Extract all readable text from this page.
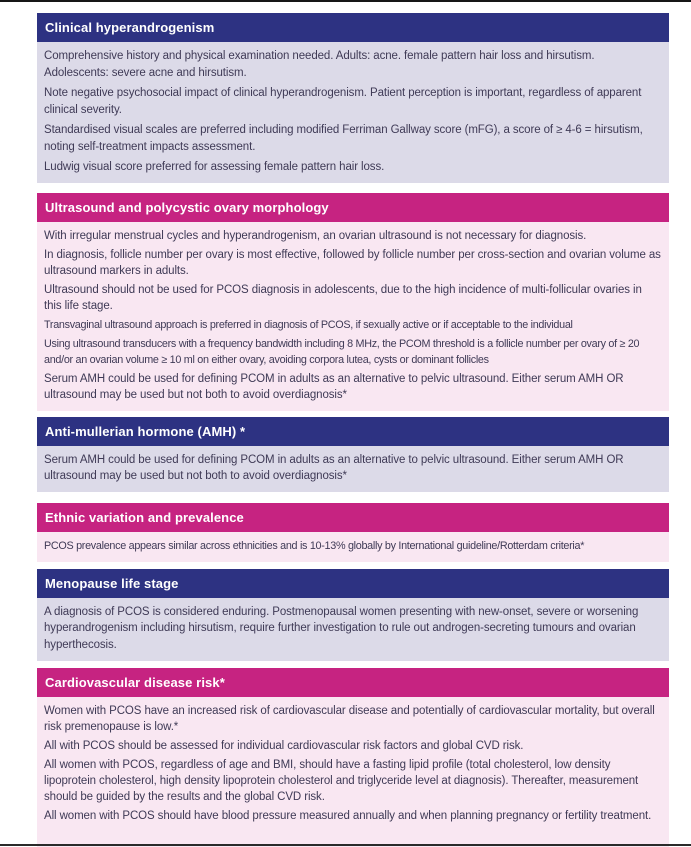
Clinical hyperandrogenism

Comprehensive history and physical examination needed. Adults: acne. female pattern hair loss and hirsutism. Adolescents: severe acne and hirsutism.

Note negative psychosocial impact of clinical hyperandrogenism. Patient perception is important, regardless of apparent clinical severity.

Standardised visual scales are preferred including modified Ferriman Gallway score (mFG), a score of ≥ 4-6 = hirsutism, noting self-treatment impacts assessment.

Ludwig visual score preferred for assessing female pattern hair loss.

Ultrasound and polycystic ovary morphology

With irregular menstrual cycles and hyperandrogenism, an ovarian ultrasound is not necessary for diagnosis.

In diagnosis, follicle number per ovary is most effective, followed by follicle number per cross-section and ovarian volume as ultrasound markers in adults.

Ultrasound should not be used for PCOS diagnosis in adolescents, due to the high incidence of multi-follicular ovaries in this life stage.

Transvaginal ultrasound approach is preferred in diagnosis of PCOS, if sexually active or if acceptable to the individual

Using ultrasound transducers with a frequency bandwidth including 8 MHz, the PCOM threshold is a follicle number per ovary of ≥ 20 and/or an ovarian volume ≥ 10 ml on either ovary, avoiding corpora lutea, cysts or dominant follicles

Serum AMH could be used for defining PCOM in adults as an alternative to pelvic ultrasound. Either serum AMH OR ultrasound may be used but not both to avoid overdiagnosis*

Anti-mullerian hormone (AMH) *

Serum AMH could be used for defining PCOM in adults as an alternative to pelvic ultrasound. Either serum AMH OR ultrasound may be used but not both to avoid overdiagnosis*

Ethnic variation and prevalence

PCOS prevalence appears similar across ethnicities and is 10-13% globally by International guideline/Rotterdam criteria*

Menopause life stage

A diagnosis of PCOS is considered enduring. Postmenopausal women presenting with new-onset, severe or worsening hyperandrogenism including hirsutism, require further investigation to rule out androgen-secreting tumours and ovarian hyperthecosis.

Cardiovascular disease risk*

Women with PCOS have an increased risk of cardiovascular disease and potentially of cardiovascular mortality, but overall risk premenopause is low.*

All with PCOS should be assessed for individual cardiovascular risk factors and global CVD risk.

All women with PCOS, regardless of age and BMI, should have a fasting lipid profile (total cholesterol, low density lipoprotein cholesterol, high density lipoprotein cholesterol and triglyceride level at diagnosis). Thereafter, measurement should be guided by the results and the global CVD risk.

All women with PCOS should have blood pressure measured annually and when planning pregnancy or fertility treatment.
